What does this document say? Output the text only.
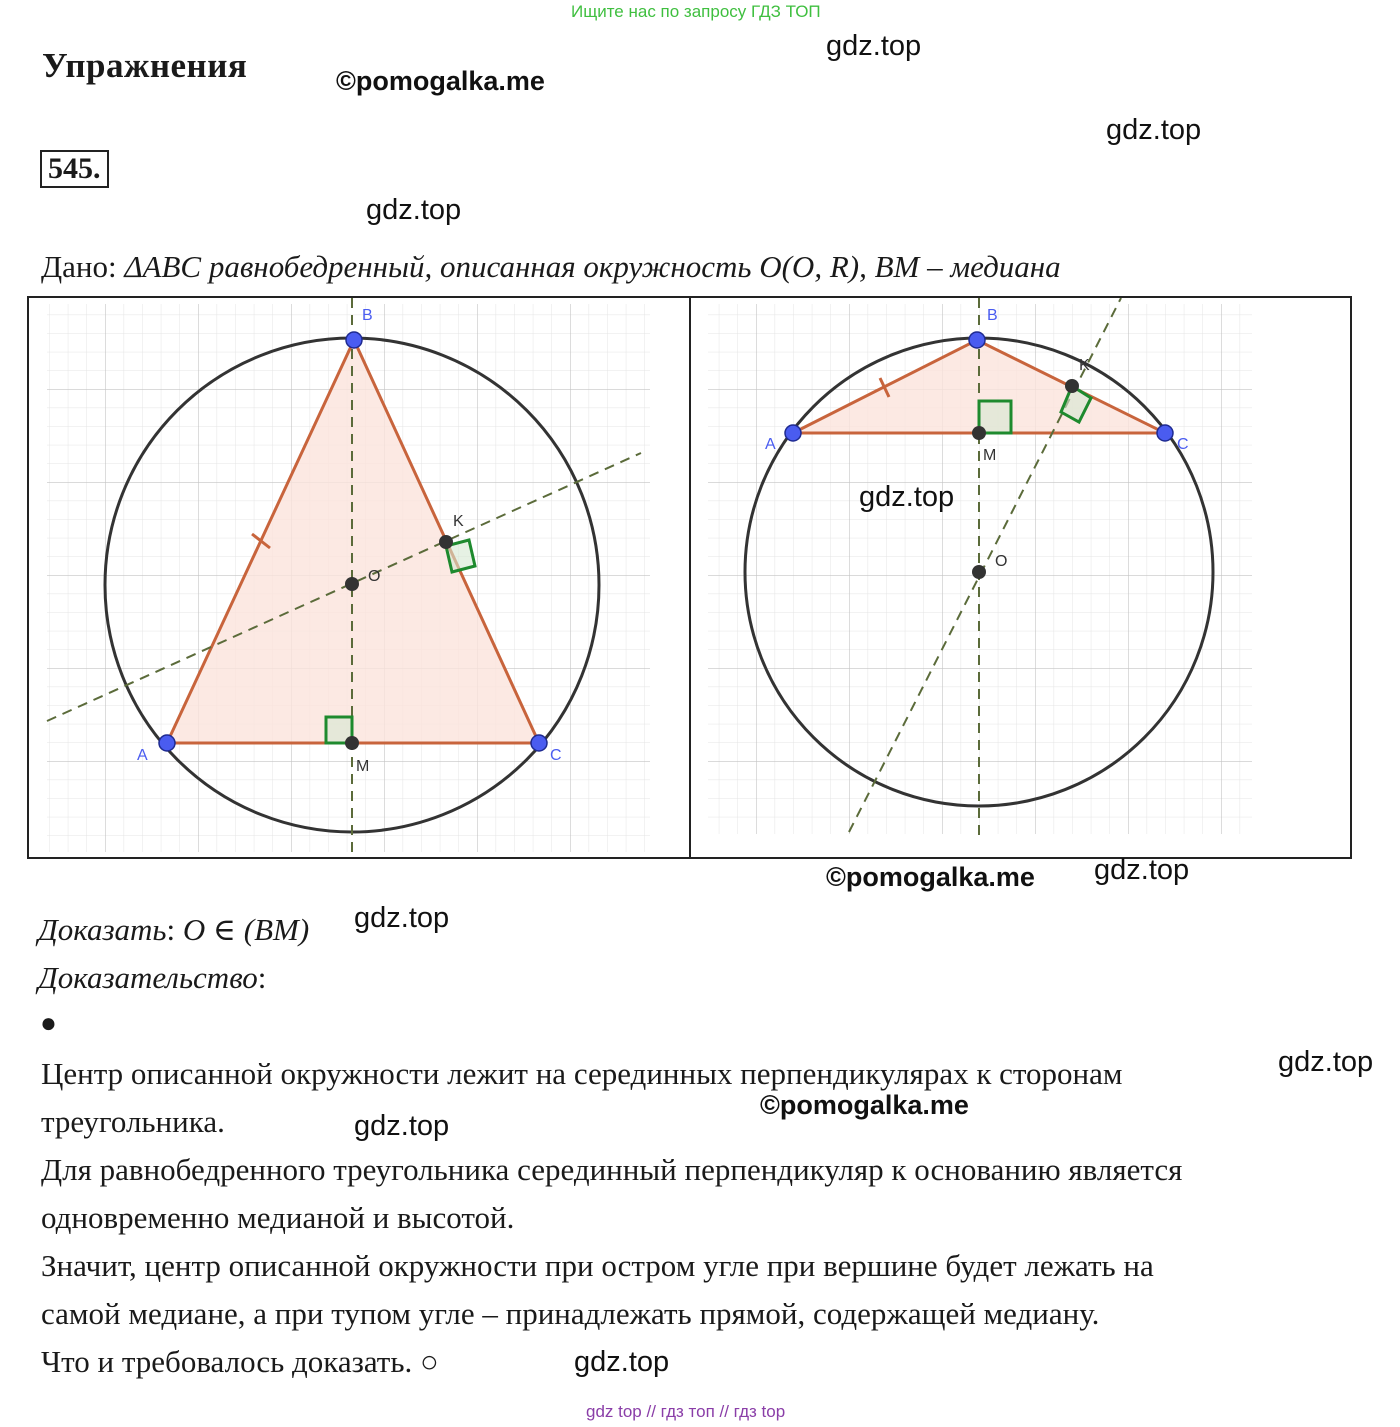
Ищите нас по запросу ГДЗ ТОП
Упражнения	©pomogalka.me
gdz.top
gdz.top
545.
gdz.top
Дано: ΔABC равнобедренный, описанная окружность O(O, R), BM – медиана
B
A	C
O
K
M
B
A	C
O
K
M
gdz.top
©pomogalka.me gdz.top
Доказать: O ∈ (BM) gdz.top
Доказательство:
●
Центр описанной окружности лежит на серединных перпендикулярах к сторонам	gdz.top
треугольника.	gdz.top
©pomogalka.me
Для равнобедренного треугольника серединный перпендикуляр к основанию является
одновременно медианой и высотой.
Значит, центр описанной окружности при остром угле при вершине будет лежать на
самой медиане, а при тупом угле – принадлежать прямой, содержащей медиану.
Что и требовалось доказать. ○	gdz.top
gdz top // гдз топ // гдз top
